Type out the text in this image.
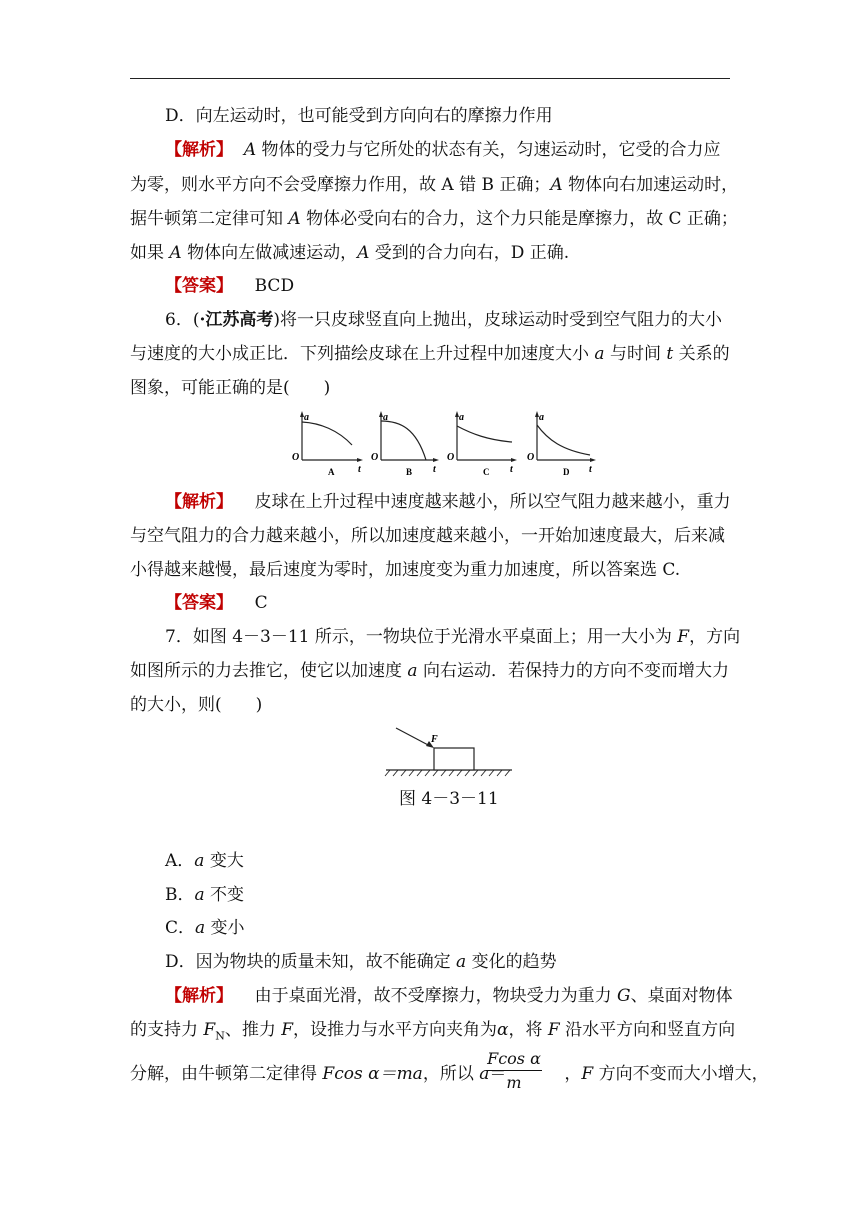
D．向左运动时，也可能受到方向向右的摩擦力作用
【解析】 A 物体的受力与它所处的状态有关，匀速运动时，它受的合力应
为零，则水平方向不会受摩擦力作用，故 A 错 B 正确；A 物体向右加速运动时，
据牛顿第二定律可知 A 物体必受向右的合力，这个力只能是摩擦力，故 C 正确；
如果 A 物体向左做减速运动，A 受到的合力向右，D 正确.
【答案】 BCD
6．(·江苏高考)将一只皮球竖直向上抛出，皮球运动时受到空气阻力的大小
与速度的大小成正比．下列描绘皮球在上升过程中加速度大小 a 与时间 t 关系的
图象，可能正确的是(　　)
a
t
O
A
a
t
O
B
a
t
O
C
a
t
O
D
【解析】 皮球在上升过程中速度越来越小，所以空气阻力越来越小，重力
与空气阻力的合力越来越小，所以加速度越来越小，一开始加速度最大，后来减
小得越来越慢，最后速度为零时，加速度变为重力加速度，所以答案选 C.
【答案】 C
7．如图 4－3－11 所示，一物块位于光滑水平桌面上；用一大小为 F，方向
如图所示的力去推它，使它以加速度 a 向右运动．若保持力的方向不变而增大力
的大小，则(　　)
F
图 4－3－11
A．a 变大
B．a 不变
C．a 变小
D．因为物块的质量未知，故不能确定 a 变化的趋势
【解析】 由于桌面光滑，故不受摩擦力，物块受力为重力 G、桌面对物体
的支持力 $F_N$、推力 F，设推力与水平方向夹角为α，将 F 沿水平方向和竖直方向
分解，由牛顿第二定律得 Fcos α＝ma，所以 a＝	，F 方向不变而大小增大，
Fcos α
m
